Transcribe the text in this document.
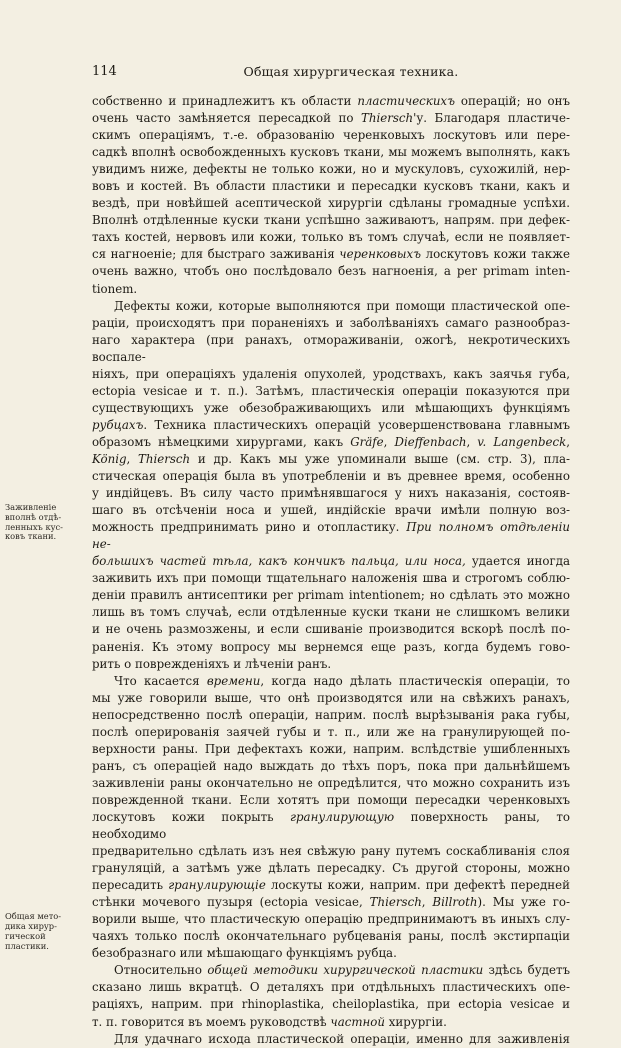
114	Общая хирургическая техника.

собственно и принадлежитъ къ области пластическихъ операцій; но онъ

очень часто замѣняется пересадкой по Thiersch'у. Благодаря пластиче-

скимъ операціямъ, т.-е. образованію черенковыхъ лоскутовъ или пере-

садкѣ вполнѣ освобожденныхъ кусковъ ткани, мы можемъ выполнять, какъ

увидимъ ниже, дефекты не только кожи, но и мускуловъ, сухожилій, нер-

вовъ и костей. Въ области пластики и пересадки кусковъ ткани, какъ и

вездѣ, при новѣйшей асептической хирургіи сдѣланы громадные успѣхи.

Вполнѣ отдѣленные куски ткани успѣшно заживаютъ, напрям. при дефек-

тахъ костей, нервовъ или кожи, только въ томъ случаѣ, если не появляет-

ся нагноеніе; для быстраго заживанія черенковыхъ лоскутовъ кожи также

очень важно, чтобъ оно послѣдовало безъ нагноенія, а per primam inten-

tionem.

Дефекты кожи, которые выполняются при помощи пластической опе-

раціи, происходятъ при пораненіяхъ и заболѣваніяхъ самаго разнообраз-

наго характера (при ранахъ, отмораживаніи, ожогѣ, некротическихъ воспале-

ніяхъ, при операціяхъ удаленія опухолей, уродствахъ, какъ заячья губа,

ectopia vesicae и т. п.). Затѣмъ, пластическія операціи показуются при

существующихъ уже обезображивающихъ или мѣшающихъ функціямъ

рубцахъ. Техника пластическихъ операцій усовершенствована главнымъ

образомъ нѣмецкими хирургами, какъ Gräfe, Dieffenbach, v. Langenbeck,

König, Thiersch и др. Какъ мы уже упоминали выше (см. стр. 3), пла-

стическая операція была въ употребленіи и въ древнее время, особенно

у индійцевъ. Въ силу часто примѣнявшагося у нихъ наказанія, состояв-

шаго въ отсѣченіи носа и ушей, индійскіе врачи имѣли полную воз-

можность предпринимать рино и отопластику. При полномъ отдѣленіи не-

большихъ частей тѣла, какъ кончикъ пальца, или носа, удается иногда

заживить ихъ при помощи тщательнаго наложенія шва и строгомъ соблю-

деніи правилъ антисептики per primam intentionem; но сдѣлать это можно

лишь въ томъ случаѣ, если отдѣленные куски ткани не слишкомъ велики

и не очень размозжены, и если сшиваніе производится вскорѣ послѣ по-

раненія. Къ этому вопросу мы вернемся еще разъ, когда будемъ гово-

рить о поврежденіяхъ и лѣченіи ранъ.

Что касается времени, когда надо дѣлать пластическія операціи, то

мы уже говорили выше, что онѣ производятся или на свѣжихъ ранахъ,

непосредственно послѣ операціи, наприм. послѣ вырѣзыванія рака губы,

послѣ оперированія заячей губы и т. п., или же на гранулирующей по-

верхности раны. При дефектахъ кожи, наприм. вслѣдствіе ушибленныхъ

ранъ, съ операціей надо выждать до тѣхъ поръ, пока при дальнѣйшемъ

заживленіи раны окончательно не опредѣлится, что можно сохранить изъ

поврежденной ткани. Если хотятъ при помощи пересадки черенковыхъ

лоскутовъ кожи покрыть гранулирующую поверхность раны, то необходимо

предварительно сдѣлать изъ нея свѣжую рану путемъ соскабливанія слоя

грануляцій, а затѣмъ уже дѣлать пересадку. Съ другой стороны, можно

пересадить гранулирующіе лоскуты кожи, наприм. при дефектѣ передней

стѣнки мочевого пузыря (ectopia vesicae, Thiersch, Billroth). Мы уже го-

ворили выше, что пластическую операцію предпринимаютъ въ иныхъ слу-

чаяхъ только послѣ окончательнаго рубцеванія раны, послѣ экстирпаціи

безобразнаго или мѣшающаго функціямъ рубца.

Относительно общей методики хирургической пластики здѣсь будетъ

сказано лишь вкратцѣ. О деталяхъ при отдѣльныхъ пластическихъ опе-

раціяхъ, наприм. при rhinoplastika, cheiloplastika, при ectopia vesicae и

т. п. говорится въ моемъ руководствѣ частной хирургіи.

Для удачнаго исхода пластической операціи, именно для заживленія

Заживленіе
вполнѣ отдѣ-
ленныхъ кус-
ковъ ткани.
Общая мето-
дика хирур-
гической
пластики.
